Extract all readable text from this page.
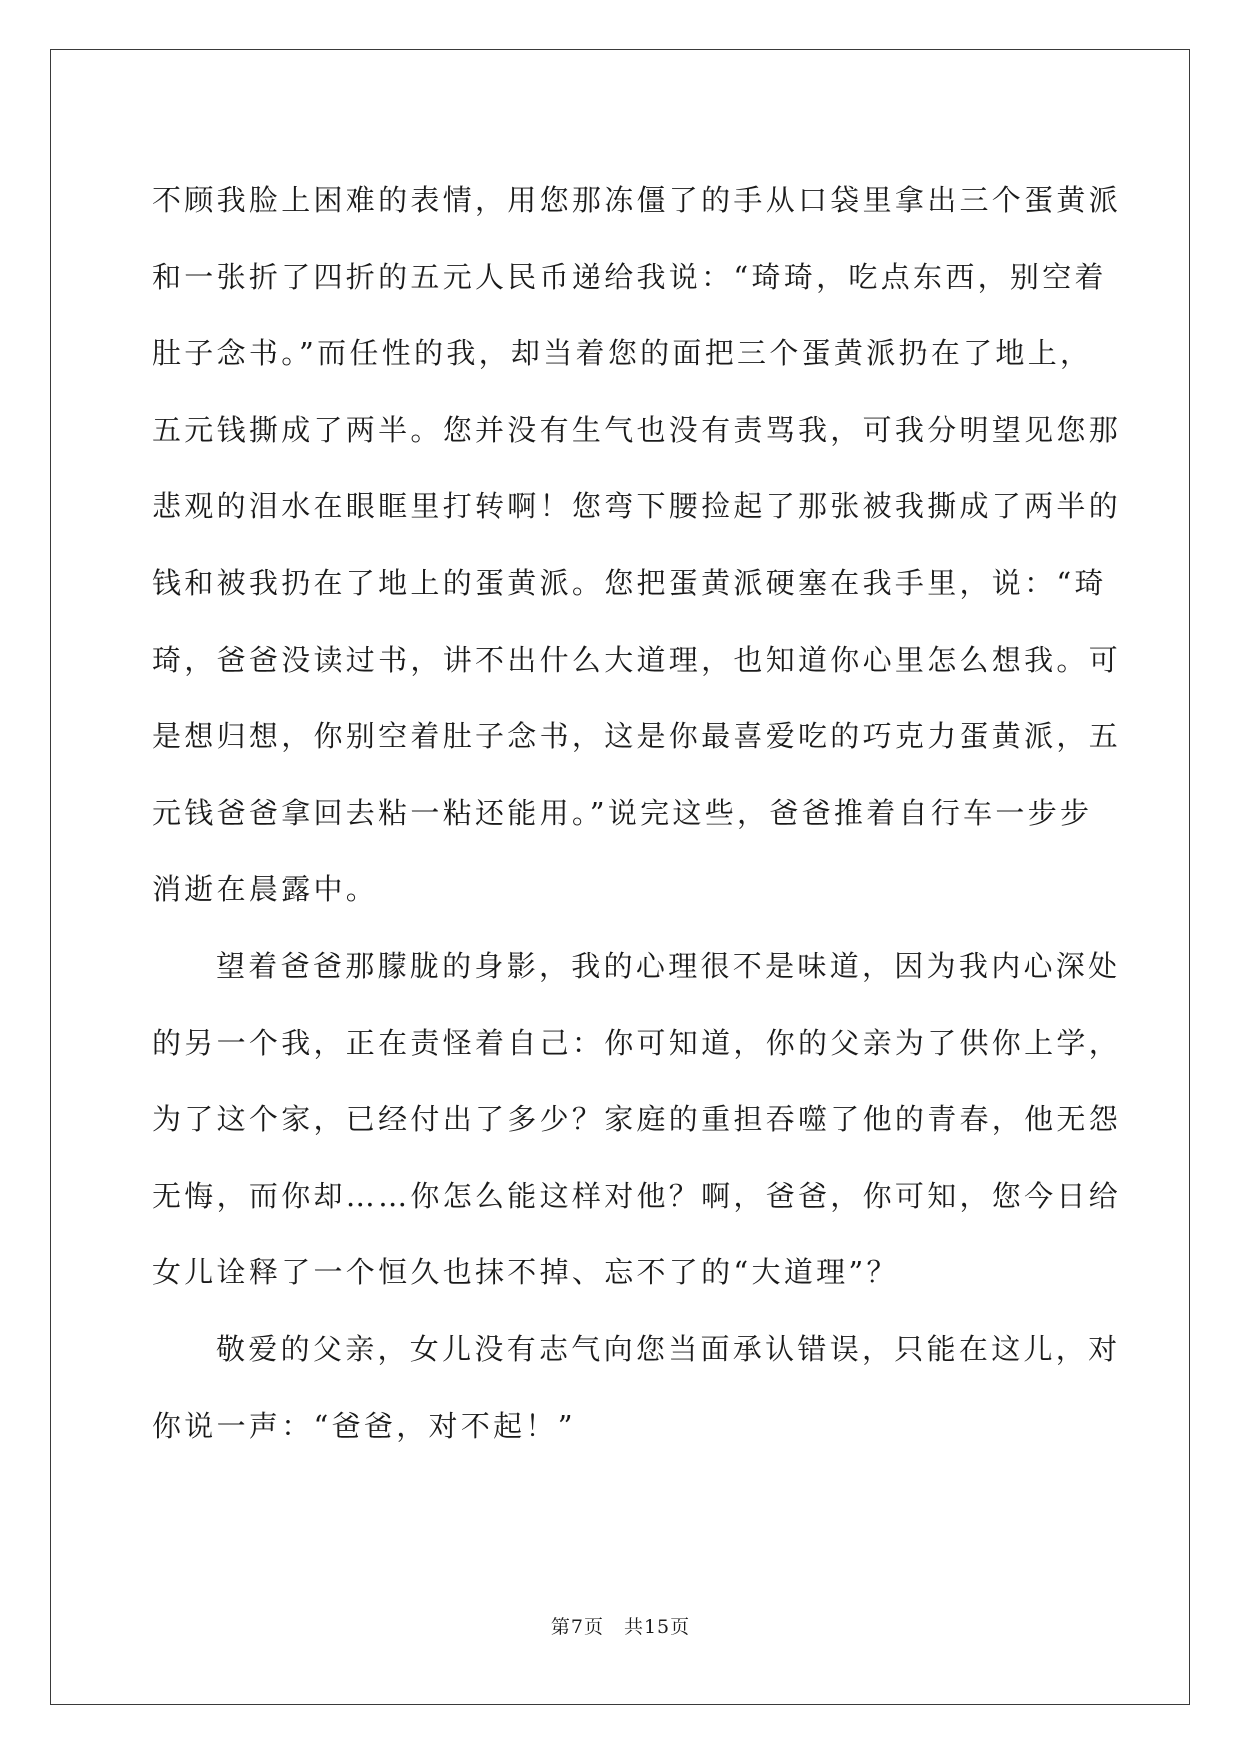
不顾我脸上困难的表情，用您那冻僵了的手从口袋里拿出三个蛋黄派
和一张折了四折的五元人民币递给我说：“琦琦，吃点东西，别空着
肚子念书。”而任性的我，却当着您的面把三个蛋黄派扔在了地上，
五元钱撕成了两半。您并没有生气也没有责骂我，可我分明望见您那
悲观的泪水在眼眶里打转啊！您弯下腰捡起了那张被我撕成了两半的
钱和被我扔在了地上的蛋黄派。您把蛋黄派硬塞在我手里，说：“琦
琦，爸爸没读过书，讲不出什么大道理，也知道你心里怎么想我。可
是想归想，你别空着肚子念书，这是你最喜爱吃的巧克力蛋黄派，五
元钱爸爸拿回去粘一粘还能用。”说完这些，爸爸推着自行车一步步
消逝在晨露中。
望着爸爸那朦胧的身影，我的心理很不是味道，因为我内心深处
的另一个我，正在责怪着自己：你可知道，你的父亲为了供你上学，
为了这个家，已经付出了多少？家庭的重担吞噬了他的青春，他无怨
无悔，而你却……你怎么能这样对他？啊，爸爸，你可知，您今日给
女儿诠释了一个恒久也抹不掉、忘不了的“大道理”？
敬爱的父亲，女儿没有志气向您当面承认错误，只能在这儿，对
你说一声：“爸爸，对不起！”
第7页 共15页
